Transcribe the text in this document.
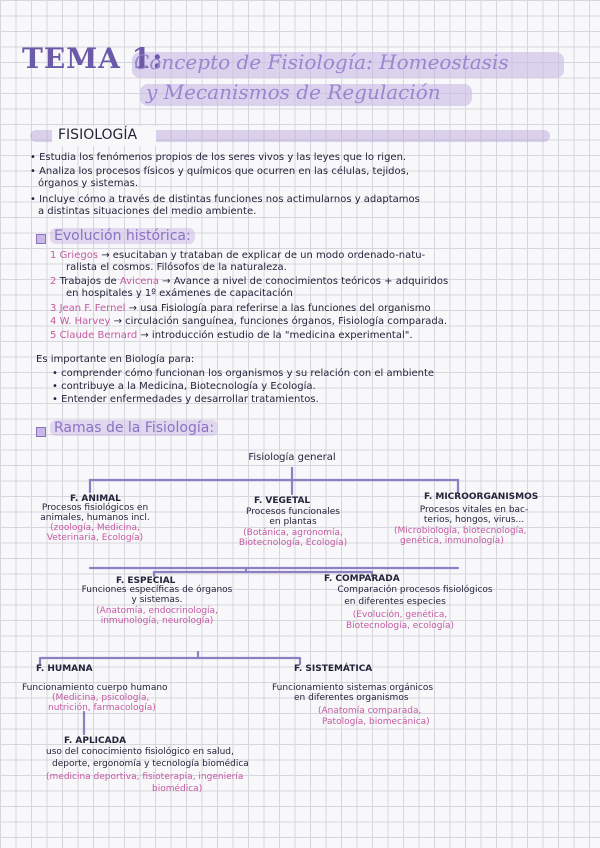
TEMA 1:
Concepto de Fisiología: Homeostasis
y Mecanismos de Regulación
FISIOLOGÍA
• Estudia los fenómenos propios de los seres vivos y las leyes que lo rigen.
• Analiza los procesos físicos y químicos que ocurren en las células, tejidos,
órganos y sistemas.
• Incluye cómo a través de distintas funciones nos actimularnos y adaptamos
a distintas situaciones del medio ambiente.
Evolución histórica:
1 Griegos → esucitaban y trataban de explicar de un modo ordenado-natu-
ralista el cosmos. Filósofos de la naturaleza.
2 Trabajos de Avicena → Avance a nivel de conocimientos teóricos + adquiridos
en hospitales y 1º exámenes de capacitación
3 Jean F. Fernel → usa Fisiología para referirse a las funciones del organismo
4 W. Harvey → circulación sanguínea, funciones órganos, Fisiología comparada.
5 Claude Bernard → introducción estudio de la "medicina experimental".
Es importante en Biología para:
• comprender cómo funcionan los organismos y su relación con el ambiente
• contribuye a la Medicina, Biotecnología y Ecología.
• Entender enfermedades y desarrollar tratamientos.
Ramas de la Fisiología:
Fisiología general
F. ANIMAL
Procesos fisiológicos en
animales, humanos incl.
(zoología, Medicina,
Veterinaria, Ecología)
F. VEGETAL
Procesos funcionales
en plantas
(Botánica, agronomía,
Biotecnología, Ecología)
F. MICROORGANISMOS
Procesos vitales en bac-
terios, hongos, virus...
(Microbiología, biotecnología,
genética, inmunología)
F. ESPECIAL
Funciones específicas de órganos
y sistemas.
(Anatomía, endocrinología,
inmunología, neurología)
F. COMPARADA
Comparación procesos fisiológicos
en diferentes especies
(Evolución, genética,
Biotecnología, ecología)
F. HUMANA
Funcionamiento cuerpo humano
(Medicina, psicología,
nutrición, farmacología)
F. SISTEMÁTICA
Funcionamiento sistemas orgánicos
en diferentes organismos
(Anatomía comparada,
Patología, biomecánica)
F. APLICADA
uso del conocimiento fisiológico en salud,
deporte, ergonomía y tecnología biomédica
(medicina deportiva, fisioterapia, ingeniería
biomédica)
